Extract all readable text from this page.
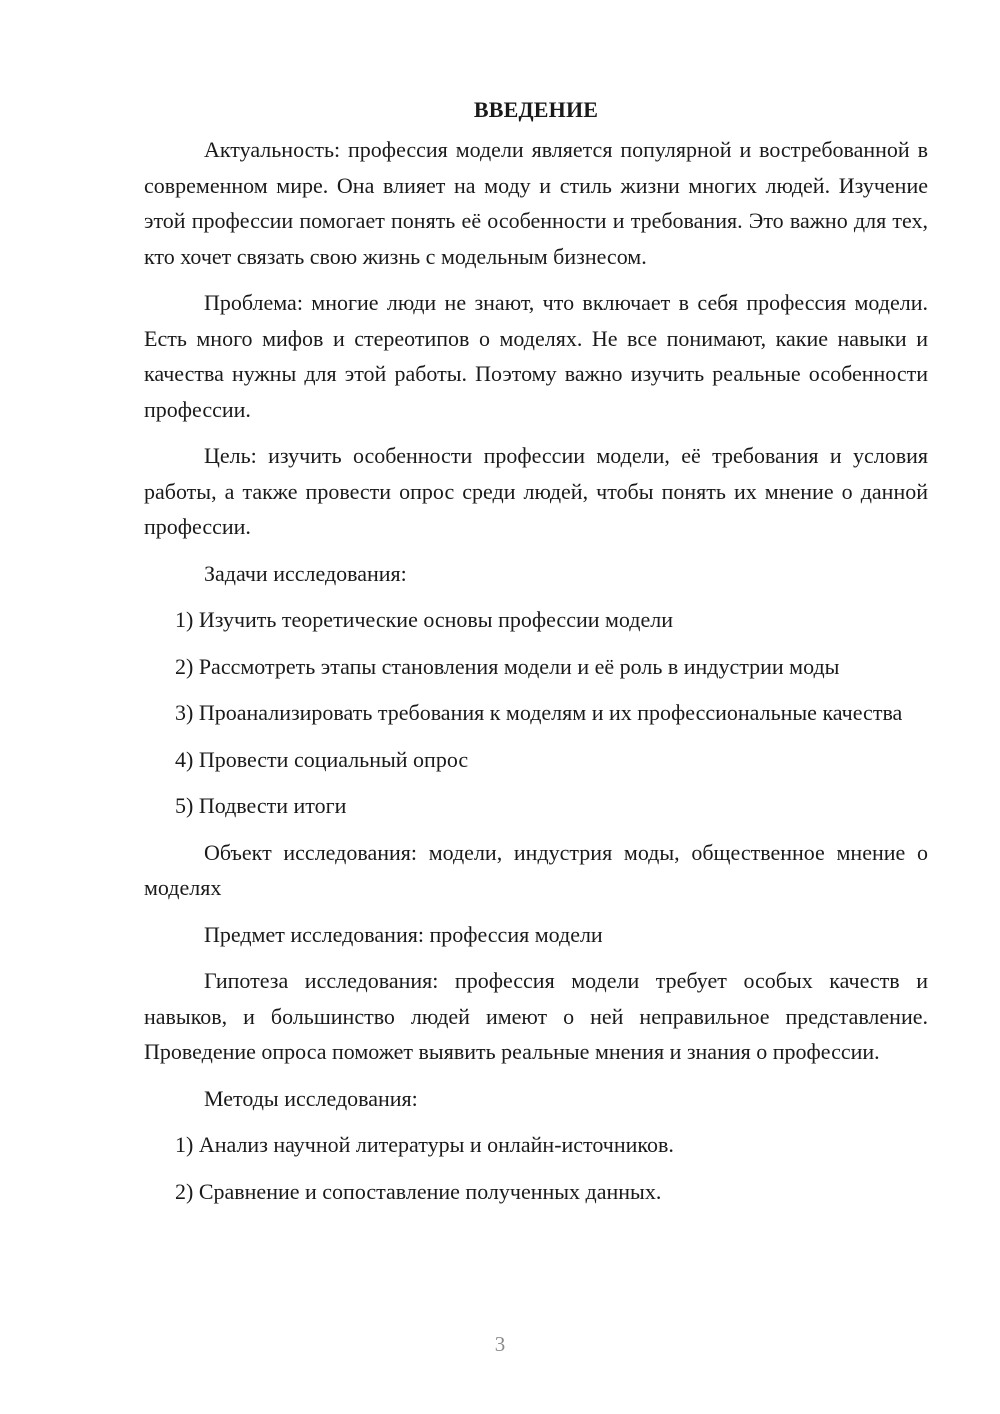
ВВЕДЕНИЕ

Актуальность: профессия модели является популярной и востребованной в современном мире. Она влияет на моду и стиль жизни многих людей. Изучение этой профессии помогает понять её особенности и требования. Это важно для тех, кто хочет связать свою жизнь с модельным бизнесом.

Проблема: многие люди не знают, что включает в себя профессия модели. Есть много мифов и стереотипов о моделях. Не все понимают, какие навыки и качества нужны для этой работы. Поэтому важно изучить реальные особенности профессии.

Цель: изучить особенности профессии модели, её требования и условия работы, а также провести опрос среди людей, чтобы понять их мнение о данной профессии.

Задачи исследования:

1) Изучить теоретические основы профессии модели

2) Рассмотреть этапы становления модели и её роль в индустрии моды

3) Проанализировать требования к моделям и их профессиональные качества

4) Провести социальный опрос

5) Подвести итоги

Объект исследования: модели, индустрия моды, общественное мнение о моделях

Предмет исследования: профессия модели

Гипотеза исследования: профессия модели требует особых качеств и навыков, и большинство людей имеют о ней неправильное представление. Проведение опроса поможет выявить реальные мнения и знания о профессии.

Методы исследования:

1) Анализ научной литературы и онлайн-источников.

2) Сравнение и сопоставление полученных данных.

3
